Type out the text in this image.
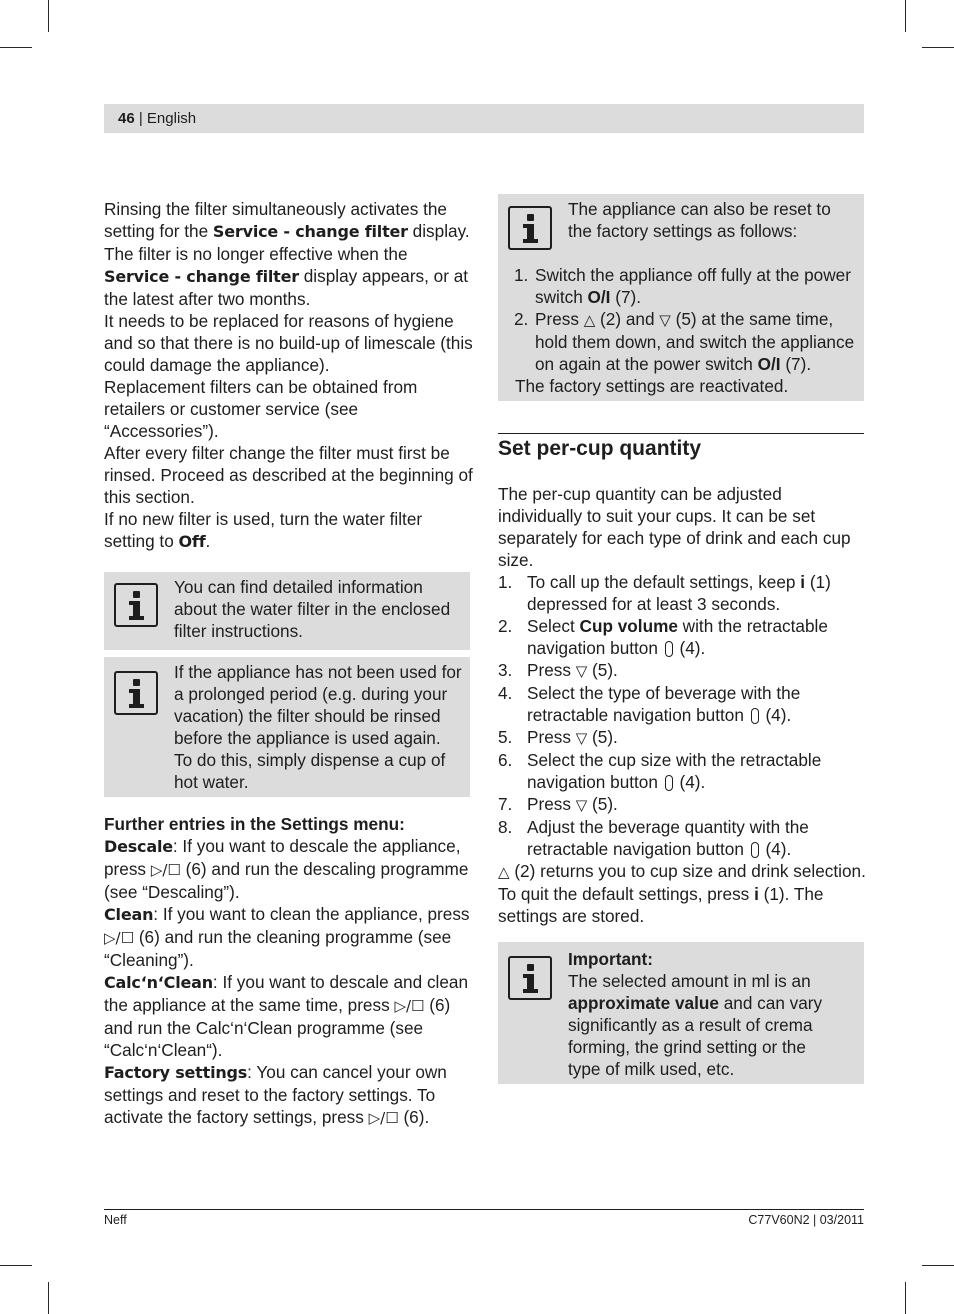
46 | English

Rinsing the filter simultaneously activates the setting for the Service - change filter display.

The filter is no longer effective when the Service - change filter display appears, or at the latest after two months.

It needs to be replaced for reasons of hygiene and so that there is no build-up of limescale (this could damage the appliance).

Replacement filters can be obtained from retailers or customer service (see “Accessories”).

After every filter change the filter must first be rinsed. Proceed as described at the beginning of this section.

If no new filter is used, turn the water filter setting to Off.

You can find detailed information about the water filter in the enclosed filter instructions.

If the appliance has not been used for a prolonged period (e.g. during your vacation) the filter should be rinsed before the appliance is used again. To do this, simply dispense a cup of hot water.

Further entries in the Settings menu:

Descale: If you want to descale the appliance, press ▷/☐ (6) and run the descaling programme (see “Descaling”).

Clean: If you want to clean the appliance, press ▷/☐ (6) and run the cleaning programme (see “Cleaning”).

Calc‘n‘Clean: If you want to descale and clean the appliance at the same time, press ▷/☐ (6) and run the Calc‘n‘Clean programme (see “Calc‘n‘Clean“).

Factory settings: You can cancel your own settings and reset to the factory settings. To activate the factory settings, press ▷/☐ (6).

The appliance can also be reset to the factory settings as follows:

1. Switch the appliance off fully at the power switch O/I (7).
2. Press △ (2) and ▽ (5) at the same time, hold them down, and switch the appliance on again at the power switch O/I (7).

The factory settings are reactivated.

Set per-cup quantity

The per-cup quantity can be adjusted individually to suit your cups. It can be set separately for each type of drink and each cup size.

1. To call up the default settings, keep i (1) depressed for at least 3 seconds.
2. Select Cup volume with the retractable navigation button  (4).
3. Press ▽ (5).
4. Select the type of beverage with the retractable navigation button  (4).
5. Press ▽ (5).
6. Select the cup size with the retractable navigation button  (4).
7. Press ▽ (5).
8. Adjust the beverage quantity with the retractable navigation button  (4).

△ (2) returns you to cup size and drink selection. To quit the default settings, press i (1). The settings are stored.

Important:

The selected amount in ml is an approximate value and can vary significantly as a result of crema forming, the grind setting or the type of milk used, etc.

Neff	C77V60N2 | 03/2011
